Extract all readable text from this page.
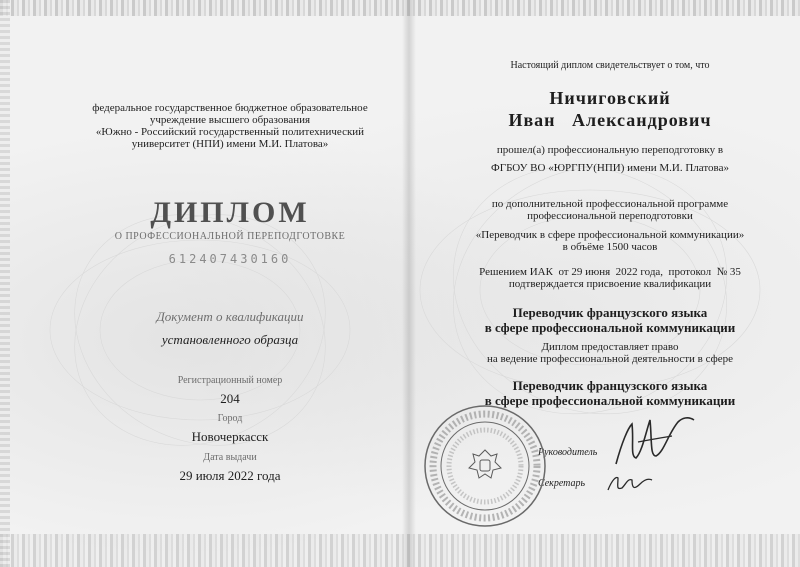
федеральное государственное бюджетное образовательное
учреждение высшего образования
«Южно - Российский государственный политехнический
университет (НПИ) имени М.И. Платова»
ДИПЛОМ
О ПРОФЕССИОНАЛЬНОЙ ПЕРЕПОДГОТОВКЕ
612407430160
Документ о квалификации
установленного образца
Регистрационный номер
204
Город
Новочеркасск
Дата выдачи
29 июля 2022 года
Настоящий диплом свидетельствует о том, что
Ничиговский
Иван   Александрович
прошел(а) профессиональную переподготовку в
ФГБОУ ВО «ЮРГПУ(НПИ) имени М.И. Платова»
по дополнительной профессиональной программе
профессиональной переподготовки
«Переводчик в сфере профессиональной коммуникации»
в объёме 1500 часов
Решением ИАК  от 29 июня  2022 года,  протокол  № 35
подтверждается присвоение квалификации
Переводчик французского языка
в сфере профессиональной коммуникации
Диплом предоставляет право
на ведение профессиональной деятельности в сфере
Переводчик французского языка
в сфере профессиональной коммуникации
Руководитель
Секретарь
